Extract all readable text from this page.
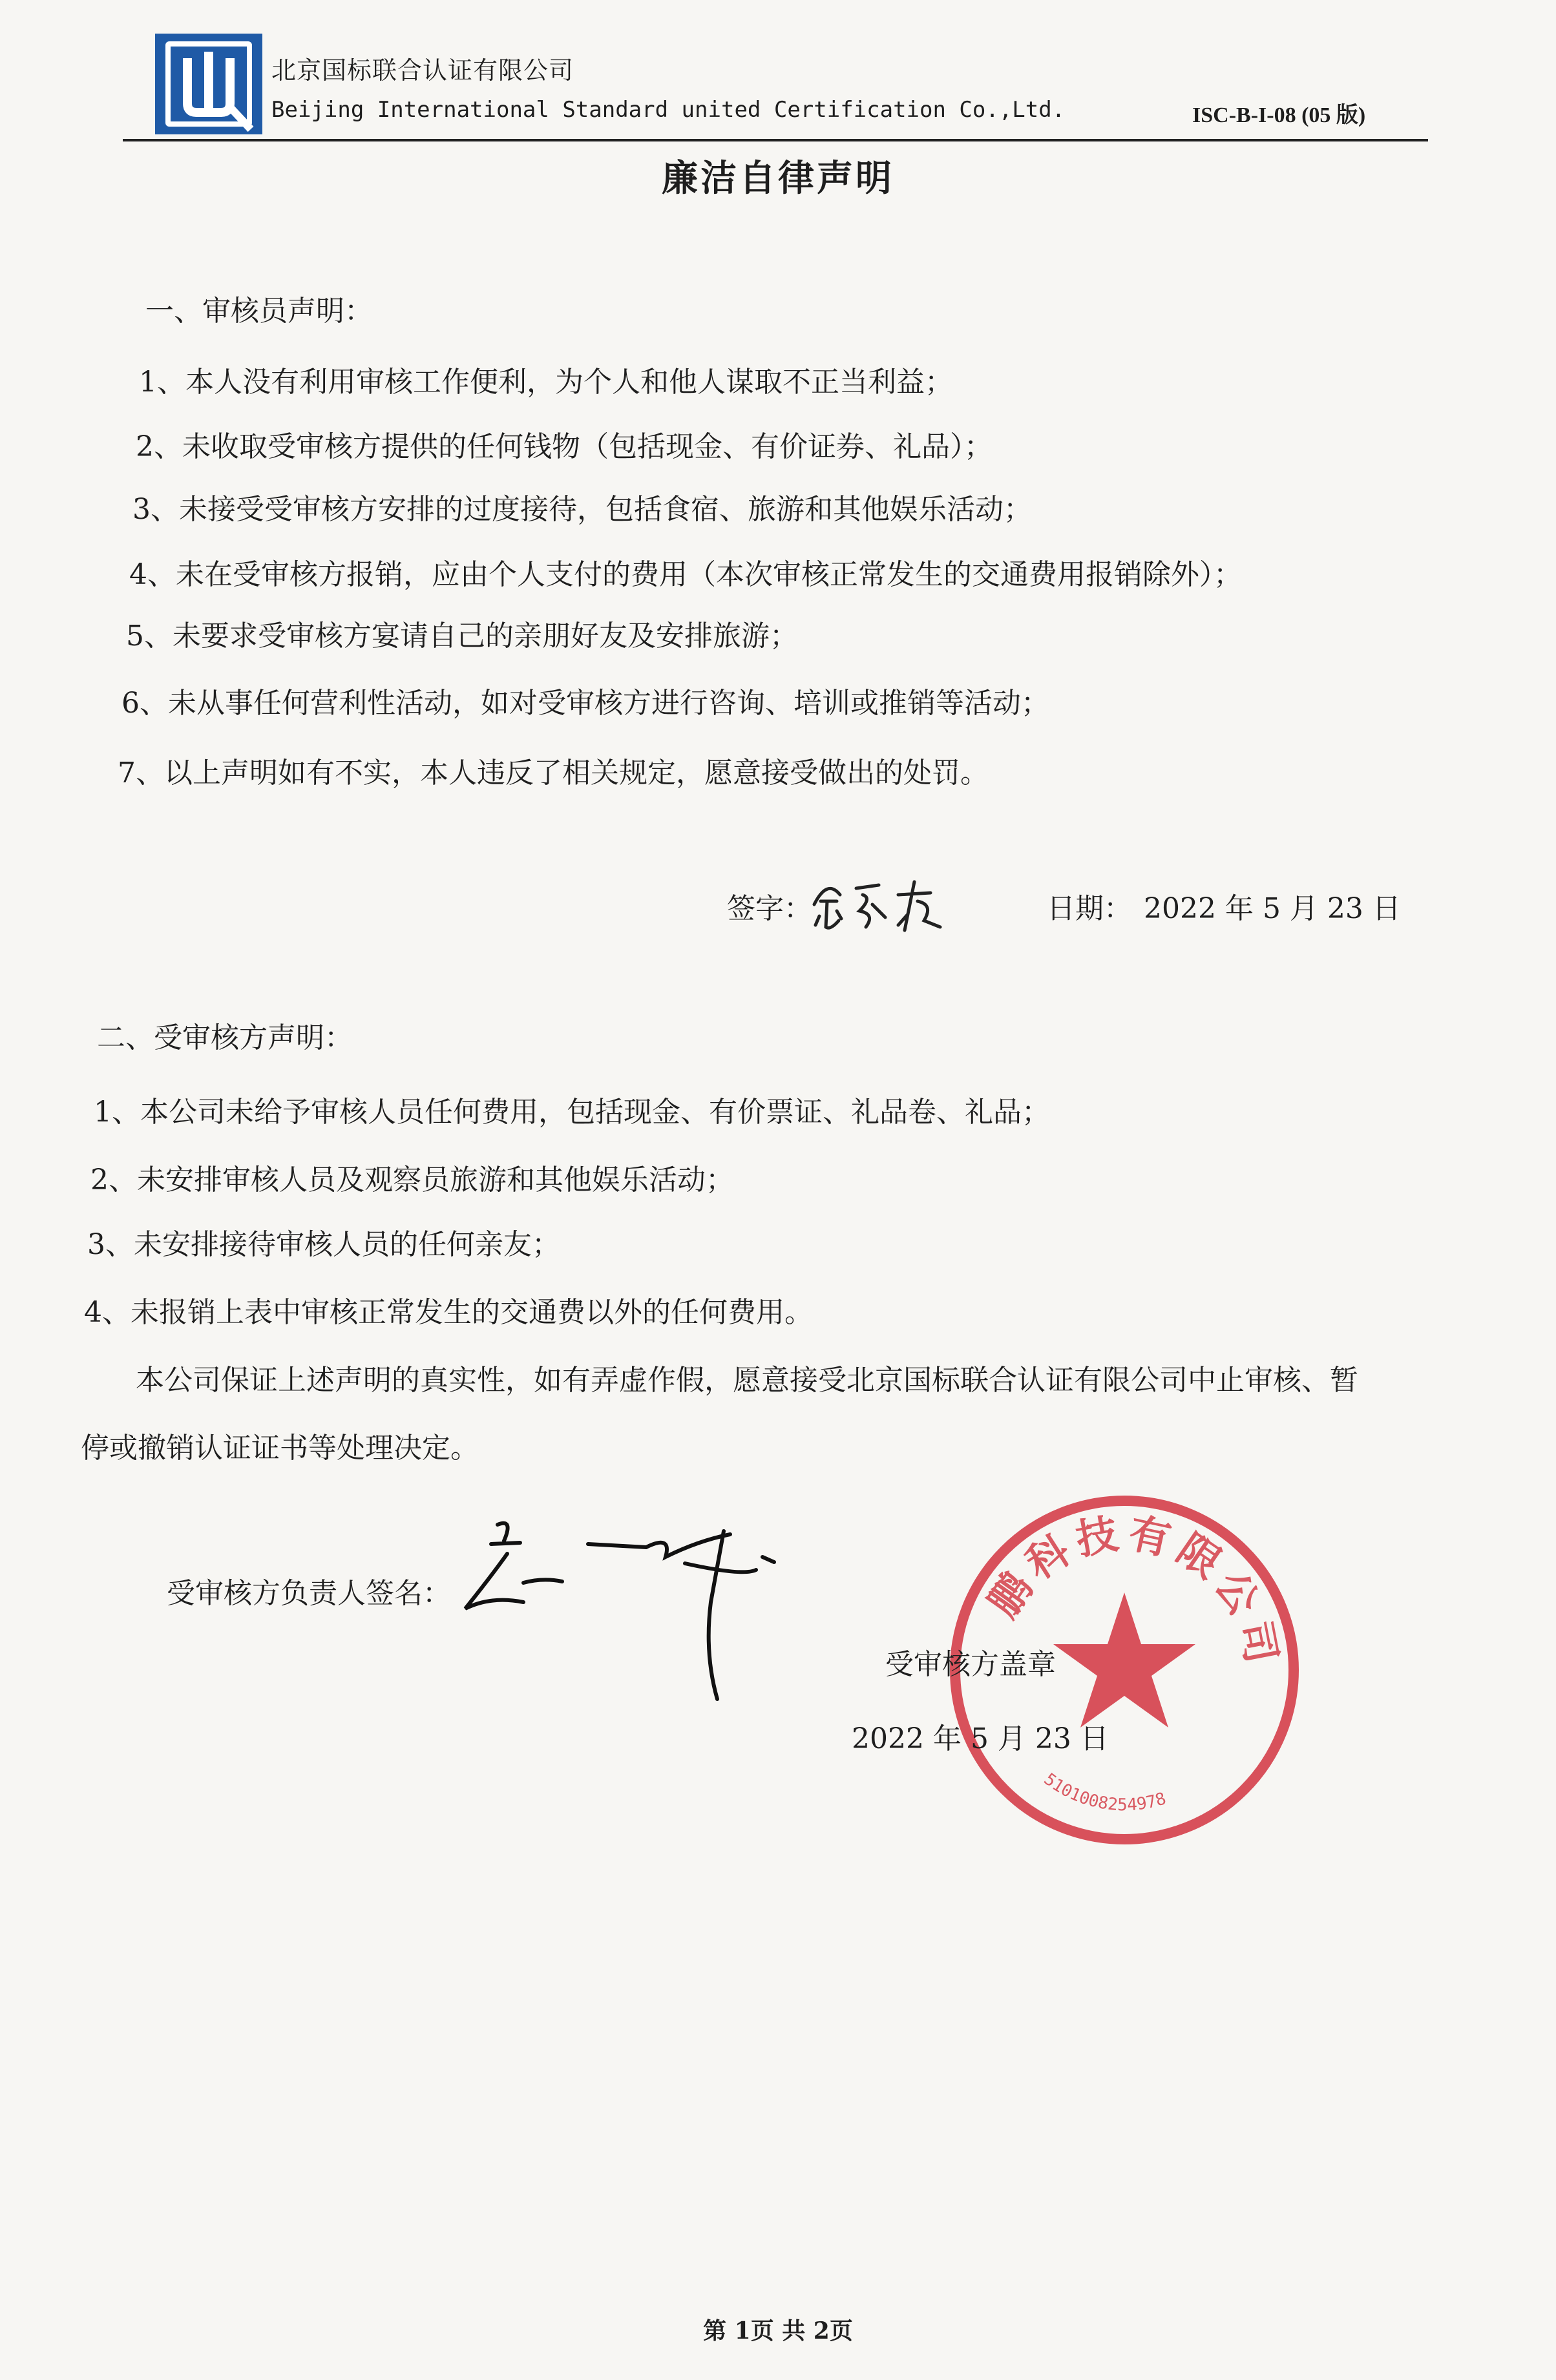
北京国标联合认证有限公司
Beijing International Standard united Certification Co.,Ltd.	ISC-B-I-08 (05 版)
廉洁自律声明
一、审核员声明：
1、本人没有利用审核工作便利，为个人和他人谋取不正当利益；
2、未收取受审核方提供的任何钱物（包括现金、有价证券、礼品）；
3、未接受受审核方安排的过度接待，包括食宿、旅游和其他娱乐活动；
4、未在受审核方报销，应由个人支付的费用（本次审核正常发生的交通费用报销除外）；
5、未要求受审核方宴请自己的亲朋好友及安排旅游；
6、未从事任何营利性活动，如对受审核方进行咨询、培训或推销等活动；
7、以上声明如有不实，本人违反了相关规定，愿意接受做出的处罚。
签字：	日期： 2022 年 5 月 23 日
二、受审核方声明：
1、本公司未给予审核人员任何费用，包括现金、有价票证、礼品卷、礼品；
2、未安排审核人员及观察员旅游和其他娱乐活动；
3、未安排接待审核人员的任何亲友；
4、未报销上表中审核正常发生的交通费以外的任何费用。
本公司保证上述声明的真实性，如有弄虚作假，愿意接受北京国标联合认证有限公司中止审核、暂
停或撤销认证证书等处理决定。
受审核方负责人签名：	鹏科技有限公司
5101008254978
受审核方盖章
2022 年 5 月 23 日
第 1页 共 2页
